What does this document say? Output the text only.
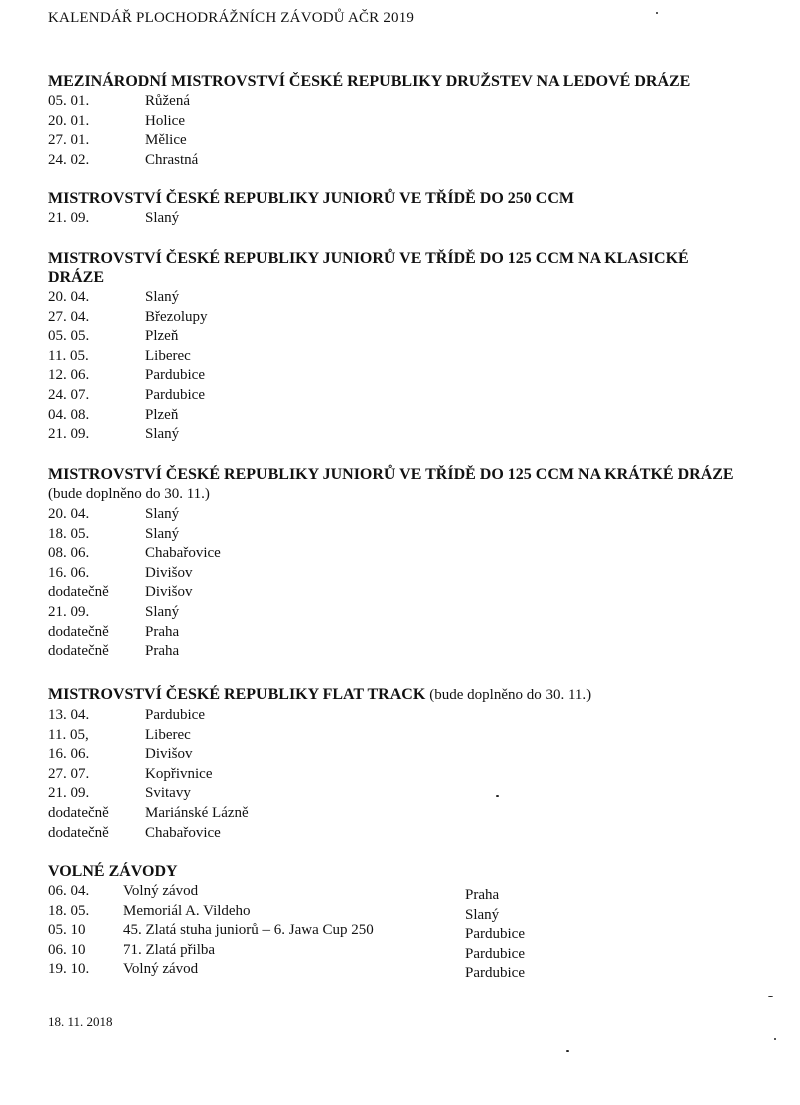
KALENDÁŘ PLOCHODRÁŽNÍCH ZÁVODŮ AČR 2019
MEZINÁRODNÍ MISTROVSTVÍ ČESKÉ REPUBLIKY DRUŽSTEV NA LEDOVÉ DRÁZE
05. 01.	Růžená
20. 01.	Holice
27. 01.	Mělice
24. 02.	Chrastná
MISTROVSTVÍ ČESKÉ REPUBLIKY JUNIORŮ VE TŘÍDĚ DO 250 CCM
21. 09.	Slaný
MISTROVSTVÍ ČESKÉ REPUBLIKY JUNIORŮ VE TŘÍDĚ DO 125 CCM NA KLASICKÉ DRÁZE
20. 04.	Slaný
27. 04.	Březolupy
05. 05.	Plzeň
11. 05.	Liberec
12. 06.	Pardubice
24. 07.	Pardubice
04. 08.	Plzeň
21. 09.	Slaný
MISTROVSTVÍ ČESKÉ REPUBLIKY JUNIORŮ VE TŘÍDĚ DO 125 CCM NA KRÁTKÉ DRÁZE (bude doplněno do 30. 11.)
20. 04.	Slaný
18. 05.	Slaný
08. 06.	Chabařovice
16. 06.	Divišov
dodatečně	Divišov
21. 09.	Slaný
dodatečně	Praha
dodatečně	Praha
MISTROVSTVÍ ČESKÉ REPUBLIKY FLAT TRACK (bude doplněno do 30. 11.)
13. 04.	Pardubice
11. 05,	Liberec
16. 06.	Divišov
27. 07.	Kopřivnice
21. 09.	Svitavy
dodatečně	Mariánské Lázně
dodatečně	Chabařovice
VOLNÉ ZÁVODY
06. 04.	Volný závod	Praha
18. 05.	Memoriál A. Vildeho	Slaný
05. 10	45. Zlatá stuha juniorů – 6. Jawa Cup 250	Pardubice
06. 10	71. Zlatá přilba	Pardubice
19. 10.	Volný závod	Pardubice
18. 11. 2018
